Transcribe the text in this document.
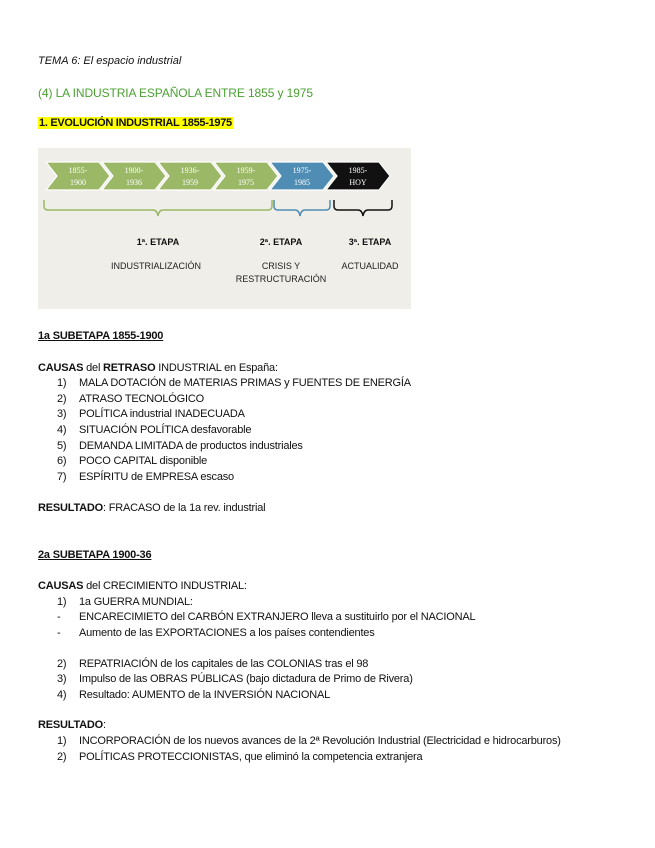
TEMA 6: El espacio industrial
(4) LA INDUSTRIA ESPAÑOLA ENTRE 1855 y 1975
1. EVOLUCIÓN INDUSTRIAL 1855-1975
1855-
1900
1900-
1936
1936-
1959
1959-
1975
1975-
1985
1985-
HOY
1ª. ETAPA
INDUSTRIALIZACIÓN
2ª. ETAPA
CRISIS Y
RESTRUCTURACIÓN
3ª. ETAPA
ACTUALIDAD
1a SUBETAPA 1855-1900
CAUSAS del RETRASO INDUSTRIAL en España:
1) MALA DOTACIÓN de MATERIAS PRIMAS y FUENTES DE ENERGÍA
2) ATRASO TECNOLÓGICO
3) POLÍTICA industrial INADECUADA
4) SITUACIÓN POLÍTICA desfavorable
5) DEMANDA LIMITADA de productos industriales
6) POCO CAPITAL disponible
7) ESPÍRITU de EMPRESA escaso
RESULTADO: FRACASO de la 1a rev. industrial
2a SUBETAPA 1900-36
CAUSAS del CRECIMIENTO INDUSTRIAL:
1) 1a GUERRA MUNDIAL:
- ENCARECIMIETO del CARBÓN EXTRANJERO lleva a sustituirlo por el NACIONAL
- Aumento de las EXPORTACIONES a los países contendientes
2) REPATRIACIÓN de los capitales de las COLONIAS tras el 98
3) Impulso de las OBRAS PÚBLICAS (bajo dictadura de Primo de Rivera)
4) Resultado: AUMENTO de la INVERSIÓN NACIONAL
RESULTADO:
1) INCORPORACIÓN de los nuevos avances de la 2ª Revolución Industrial (Electricidad e hidrocarburos)
2) POLÍTICAS PROTECCIONISTAS, que eliminó la competencia extranjera
